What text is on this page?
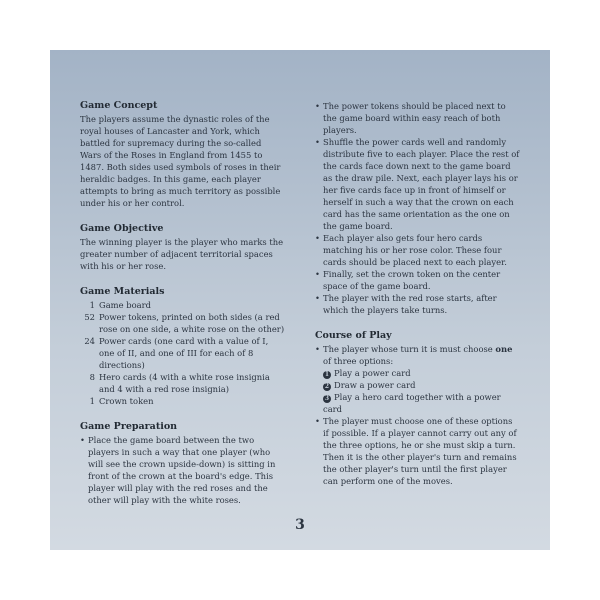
Game Concept

The players assume the dynastic roles of the royal houses of Lancaster and York, which battled for supremacy during the so-called Wars of the Roses in England from 1455 to 1487. Both sides used symbols of roses in their heraldic badges. In this game, each player attempts to bring as much territory as possible under his or her control.

Game Objective

The winning player is the player who marks the greater number of adjacent territorial spaces with his or her rose.

Game Materials
1 Game board
52 Power tokens, printed on both sides (a red rose on one side, a white rose on the other)
24 Power cards (one card with a value of I, one of II, and one of III for each of 8 directions)
8 Hero cards (4 with a white rose insignia and 4 with a red rose insignia)
1 Crown token
Game Preparation
• Place the game board between the two players in such a way that one player (who will see the crown upside-down) is sitting in front of the crown at the board's edge. This player will play with the red roses and the other will play with the white roses.
• The power tokens should be placed next to the game board within easy reach of both players.
• Shuffle the power cards well and randomly distribute five to each player. Place the rest of the cards face down next to the game board as the draw pile. Next, each player lays his or her five cards face up in front of himself or herself in such a way that the crown on each card has the same orientation as the one on the game board.
• Each player also gets four hero cards matching his or her rose color. These four cards should be placed next to each player.
• Finally, set the crown token on the center space of the game board.
• The player with the red rose starts, after which the players take turns.
Course of Play
• The player whose turn it is must choose one of three options:
1 Play a power card
2 Draw a power card
3 Play a hero card together with a power card
• The player must choose one of these options if possible. If a player cannot carry out any of the three options, he or she must skip a turn. Then it is the other player's turn and remains the other player's turn until the first player can perform one of the moves.
3
